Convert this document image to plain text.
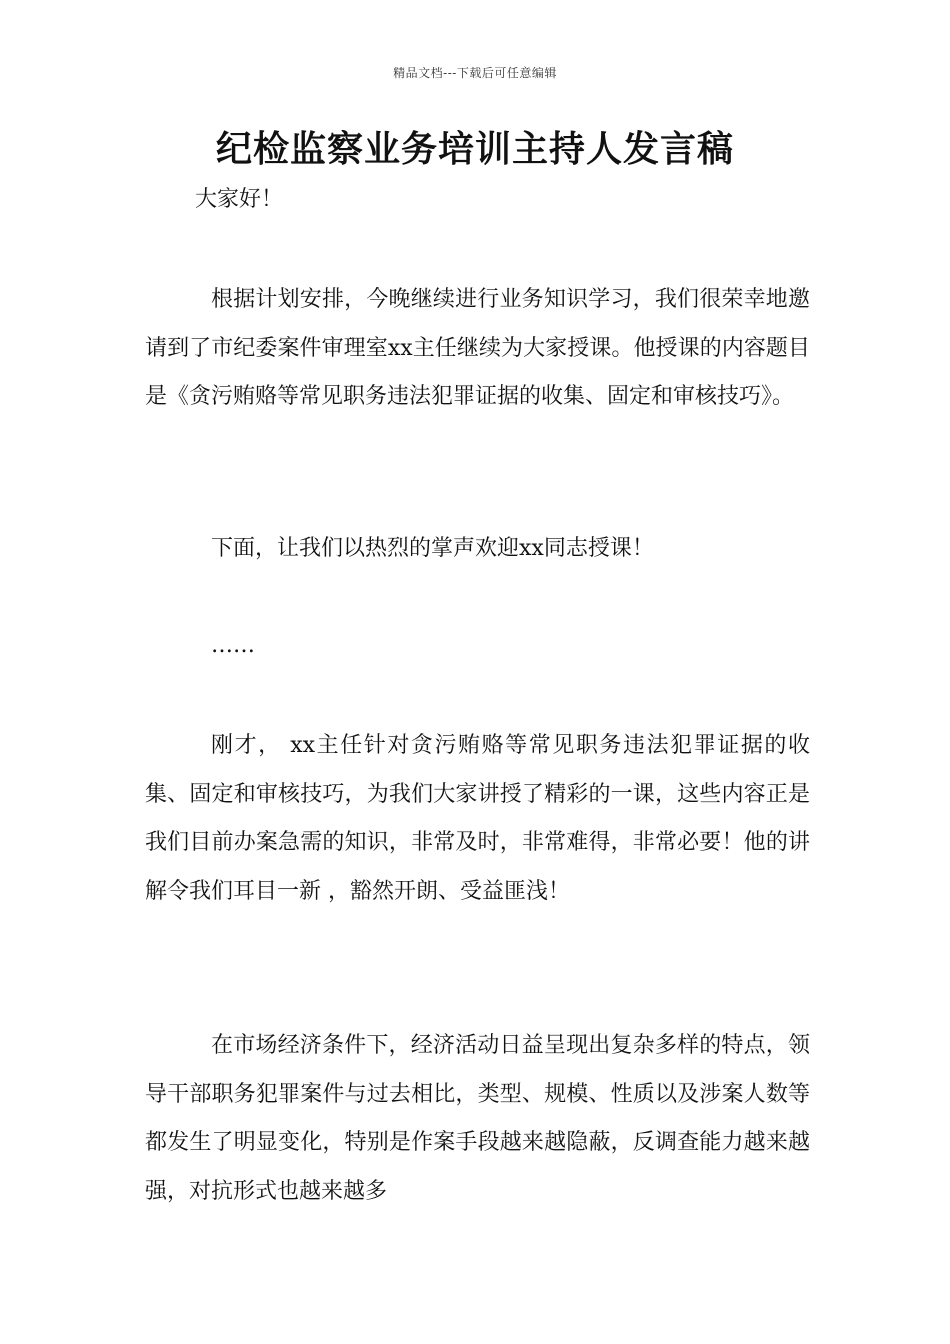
精品文档---下载后可任意编辑
纪检监察业务培训主持人发言稿
大家好！

根据计划安排，今晚继续进行业务知识学习，我们很荣幸地邀请到了市纪委案件审理室xx主任继续为大家授课。他授课的内容题目是《贪污贿赂等常见职务违法犯罪证据的收集、固定和审核技巧》。

下面，让我们以热烈的掌声欢迎xx同志授课！

……

刚才， xx主任针对贪污贿赂等常见职务违法犯罪证据的收集、固定和审核技巧，为我们大家讲授了精彩的一课，这些内容正是我们目前办案急需的知识，非常及时，非常难得，非常必要！他的讲解令我们耳目一新 ，豁然开朗、受益匪浅！

在市场经济条件下，经济活动日益呈现出复杂多样的特点，领导干部职务犯罪案件与过去相比，类型、规模、性质以及涉案人数等都发生了明显变化，特别是作案手段越来越隐蔽，反调查能力越来越强，对抗形式也越来越多
